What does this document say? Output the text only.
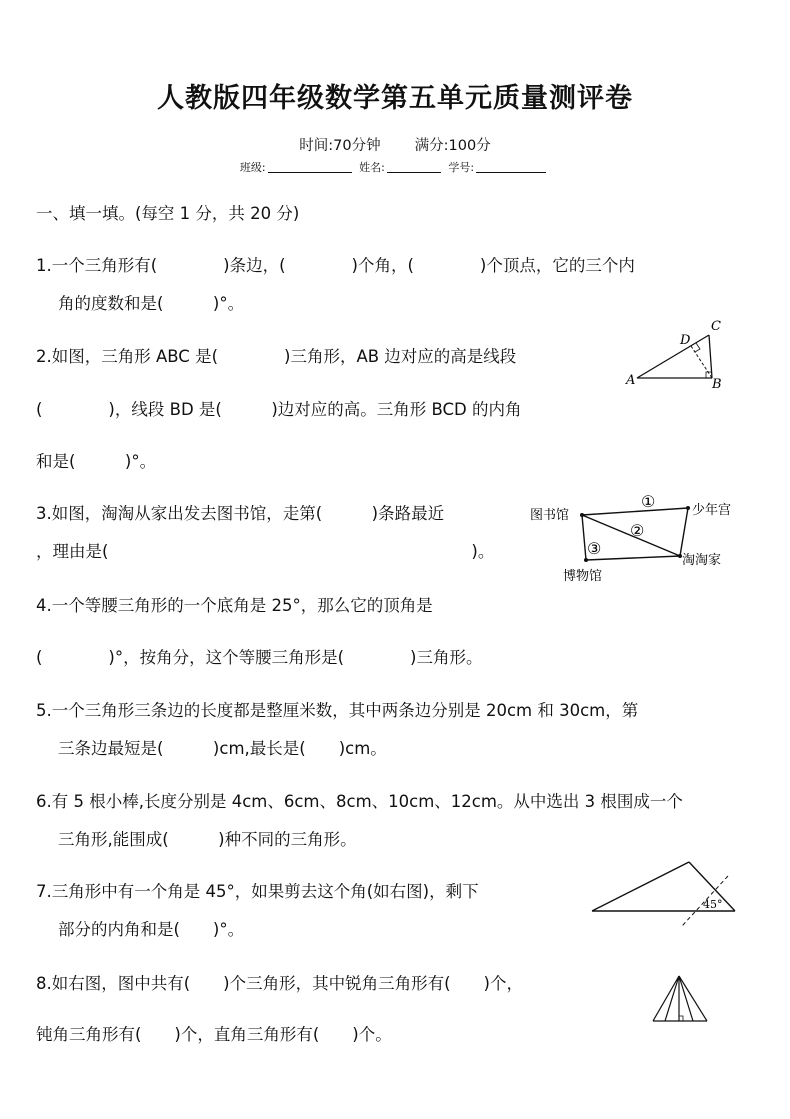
人教版四年级数学第五单元质量测评卷
时间:70分钟 满分:100分
班级:	姓名:	学号:
一、填一填。(每空 1 分，共 20 分)
1.一个三角形有(　　　　)条边，(　　　　)个角，(　　　　)个顶点，它的三个内
角的度数和是(　　　)°。
2.如图，三角形 ABC 是(　　　　)三角形，AB 边对应的高是线段
(　　　　)，线段 BD 是(　　　)边对应的高。三角形 BCD 的内角
和是(　　　)°。
A	B
C
D
3.如图，淘淘从家出发去图书馆，走第(　　　)条路最近
，理由是(　　　　　　　　　　　　　　　　　　　　　　)。
图书馆	少年宫
淘淘家
博物馆
①
②
③
4.一个等腰三角形的一个底角是 25°，那么它的顶角是
(　　　　)°，按角分，这个等腰三角形是(　　　　)三角形。
5.一个三角形三条边的长度都是整厘米数，其中两条边分别是 20cm 和 30cm，第
三条边最短是(　　　)cm,最长是(　　)cm。
6.有 5 根小棒,长度分别是 4cm、6cm、8cm、10cm、12cm。从中选出 3 根围成一个
三角形,能围成(　　　)种不同的三角形。
7.三角形中有一个角是 45°，如果剪去这个角(如右图)，剩下
部分的内角和是(　　)°。
45°
8.如右图，图中共有(　　)个三角形，其中锐角三角形有(　　)个，
钝角三角形有(　　)个，直角三角形有(　　)个。
